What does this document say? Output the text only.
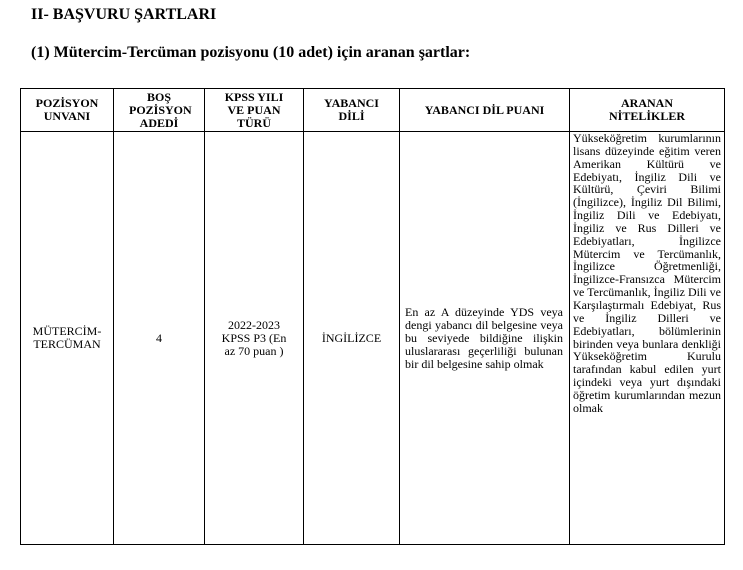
II- BAŞVURU ŞARTLARI
(1) Mütercim-Tercüman pozisyonu (10 adet) için aranan şartlar:
POZİSYON UNVANI	BOŞ POZİSYON ADEDİ	KPSS YILI VE PUAN TÜRÜ	YABANCI DİLİ	YABANCI DİL PUANI	ARANAN NİTELİKLER

MÜTERCİM-TERCÜMAN	4	2022-2023 KPSS P3 (En az 70 puan )	İNGİLİZCE	En az A düzeyinde YDS veya dengi yabancı dil belgesine veya bu seviyede bildiğine ilişkin uluslararası geçerliliği bulunan bir dil belgesine sahip olmak	Yükseköğretim kurumlarının lisans düzeyinde eğitim veren Amerikan Kültürü ve Edebiyatı, İngiliz Dili ve Kültürü, Çeviri Bilimi (İngilizce), İngiliz Dil Bilimi, İngiliz Dili ve Edebiyatı, İngiliz ve Rus Dilleri ve Edebiyatları, İngilizce Mütercim ve Tercümanlık, İngilizce Öğretmenliği, İngilizce-Fransızca Mütercim ve Tercümanlık, İngiliz Dili ve Karşılaştırmalı Edebiyat, Rus ve İngiliz Dilleri ve Edebiyatları, bölümlerinin birinden veya bunlara denkliği Yükseköğretim Kurulu tarafından kabul edilen yurt içindeki veya yurt dışındaki öğretim kurumlarından mezun olmak
